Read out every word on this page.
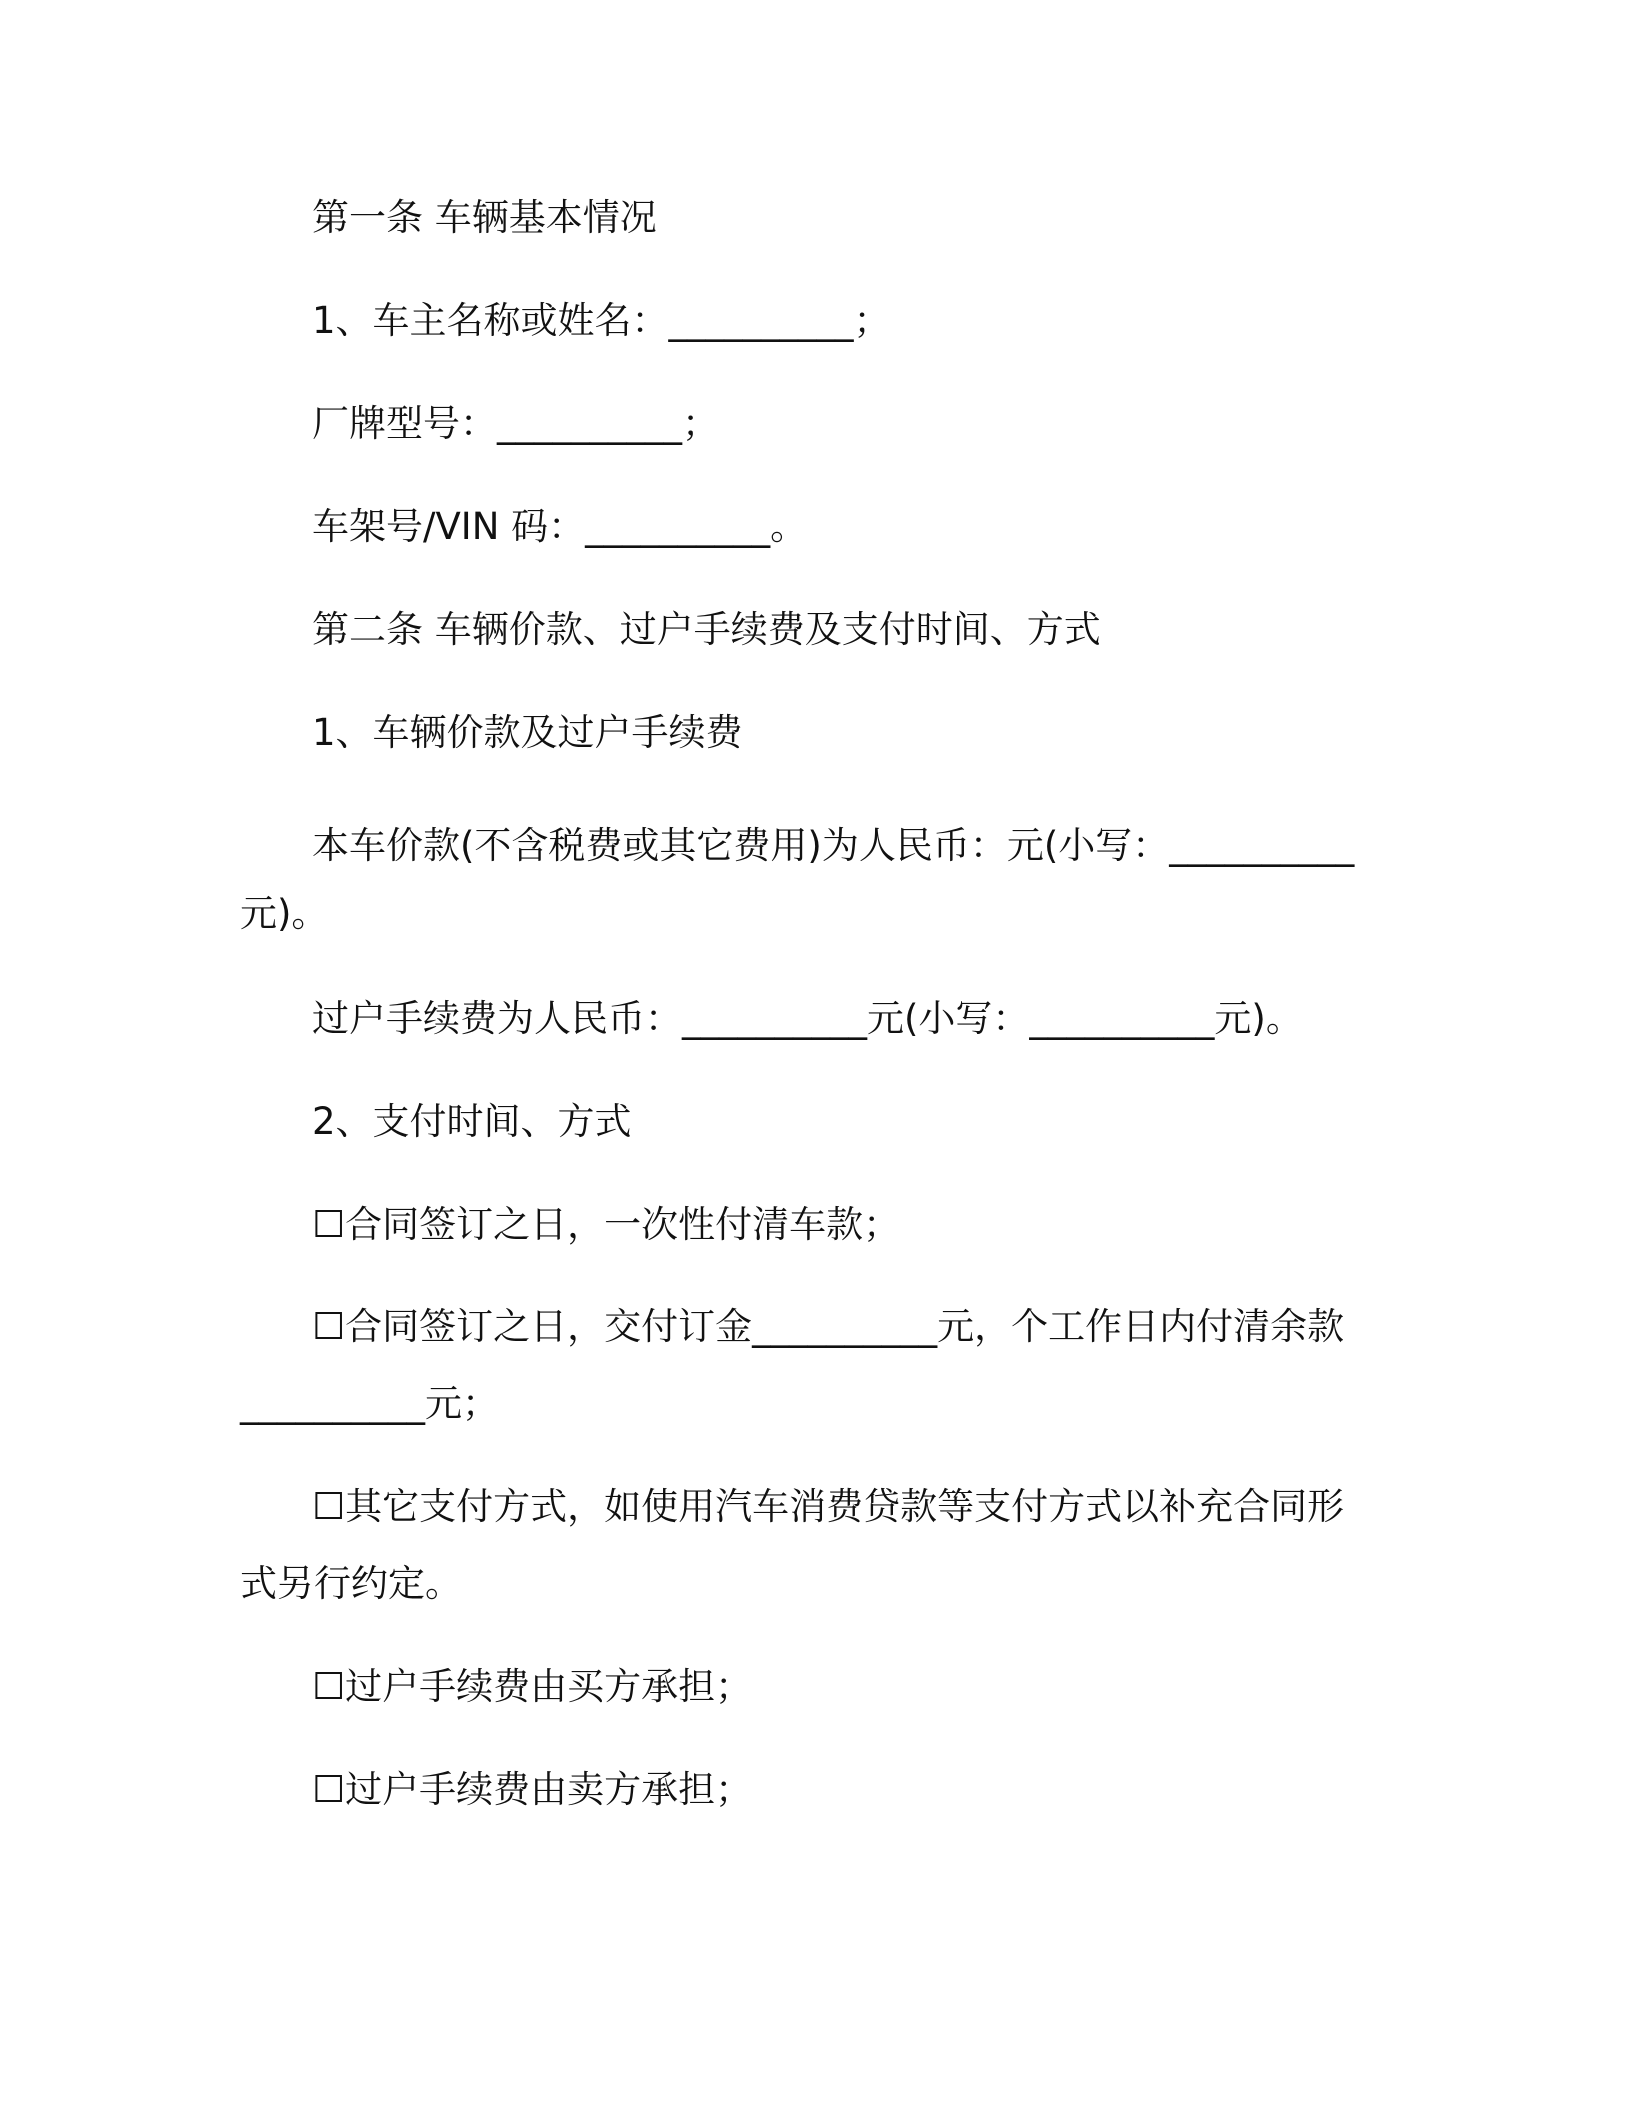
第一条 车辆基本情况

1、车主名称或姓名：__________；

厂牌型号：__________；

车架号/VIN 码：__________。

第二条 车辆价款、过户手续费及支付时间、方式

1、车辆价款及过户手续费

本车价款(不含税费或其它费用)为人民币：元(小写：__________

元)。

过户手续费为人民币：__________元(小写：__________元)。

2、支付时间、方式

☐合同签订之日，一次性付清车款；

☐合同签订之日，交付订金__________元，个工作日内付清余款

__________元；

☐其它支付方式，如使用汽车消费贷款等支付方式以补充合同形

式另行约定。

☐过户手续费由买方承担；

☐过户手续费由卖方承担；
